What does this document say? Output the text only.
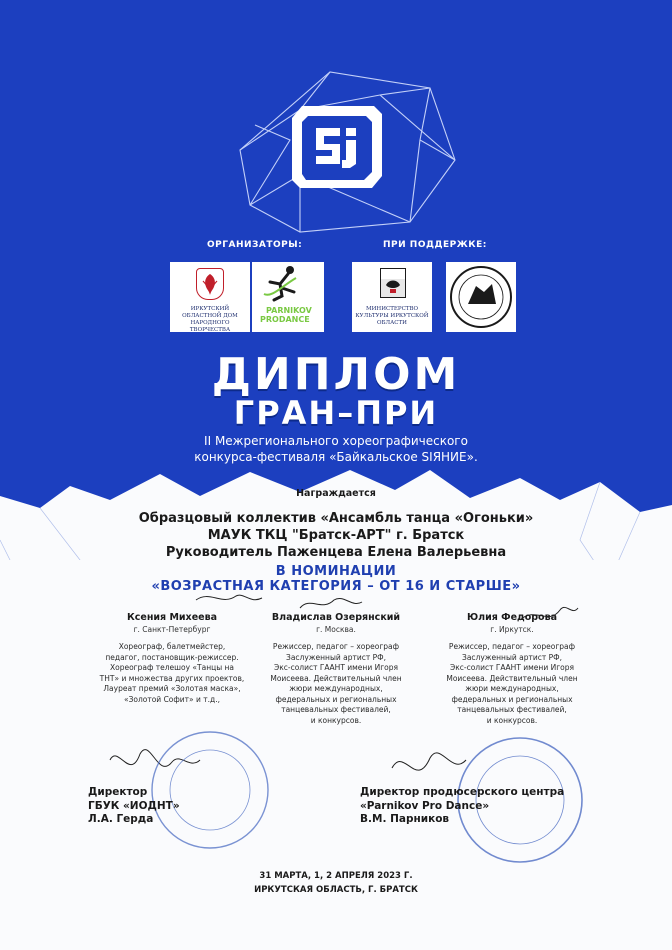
ОРГАНИЗАТОРЫ:	ПРИ ПОДДЕРЖКЕ:
ИРКУТСКИЙ ОБЛАСТНОЙ ДОМ НАРОДНОГО ТВОРЧЕСТВА
PARNIKOV
PRODANCE
МИНИСТЕРСТВО КУЛЬТУРЫ ИРКУТСКОЙ ОБЛАСТИ
ДИПЛОМ
ГРАН–ПРИ
II Межрегионального хореографического
конкурса-фестиваля «Байкальское SIЯНИЕ».
Награждается
Образцовый коллектив «Ансамбль танца «Огоньки»
МАУК ТКЦ "Братск-АРТ" г. Братск
Руководитель Паженцева Елена Валерьевна
В НОМИНАЦИИ
«ВОЗРАСТНАЯ КАТЕГОРИЯ – ОТ 16 И СТАРШЕ»
Ксения Михеева
г. Санкт-Петербург
Хореограф, балетмейстер,
педагог, постановщик-режиссер.
Хореограф телешоу «Танцы на
ТНТ» и множества других проектов,
Лауреат премий «Золотая маска»,
«Золотой Софит» и т.д.,
Владислав Озерянский
г. Москва.
Режиссер, педагог – хореограф
Заслуженный артист РФ,
Экс-солист ГААНТ имени Игоря
Моисеева. Действительный член
жюри международных,
федеральных и региональных
танцевальных фестивалей,
и конкурсов.
Юлия Федорова
г. Иркутск.
Режиссер, педагог – хореограф
Заслуженный артист РФ,
Экс-солист ГААНТ имени Игоря
Моисеева. Действительный член
жюри международных,
федеральных и региональных
танцевальных фестивалей,
и конкурсов.
Директор
ГБУК «ИОДНТ»
Л.А. Герда
Директор продюсерского центра
«Parnikov Pro Dance»
В.М. Парников
31 МАРТА, 1, 2 АПРЕЛЯ 2023 Г.
ИРКУТСКАЯ ОБЛАСТЬ, Г. БРАТСК
